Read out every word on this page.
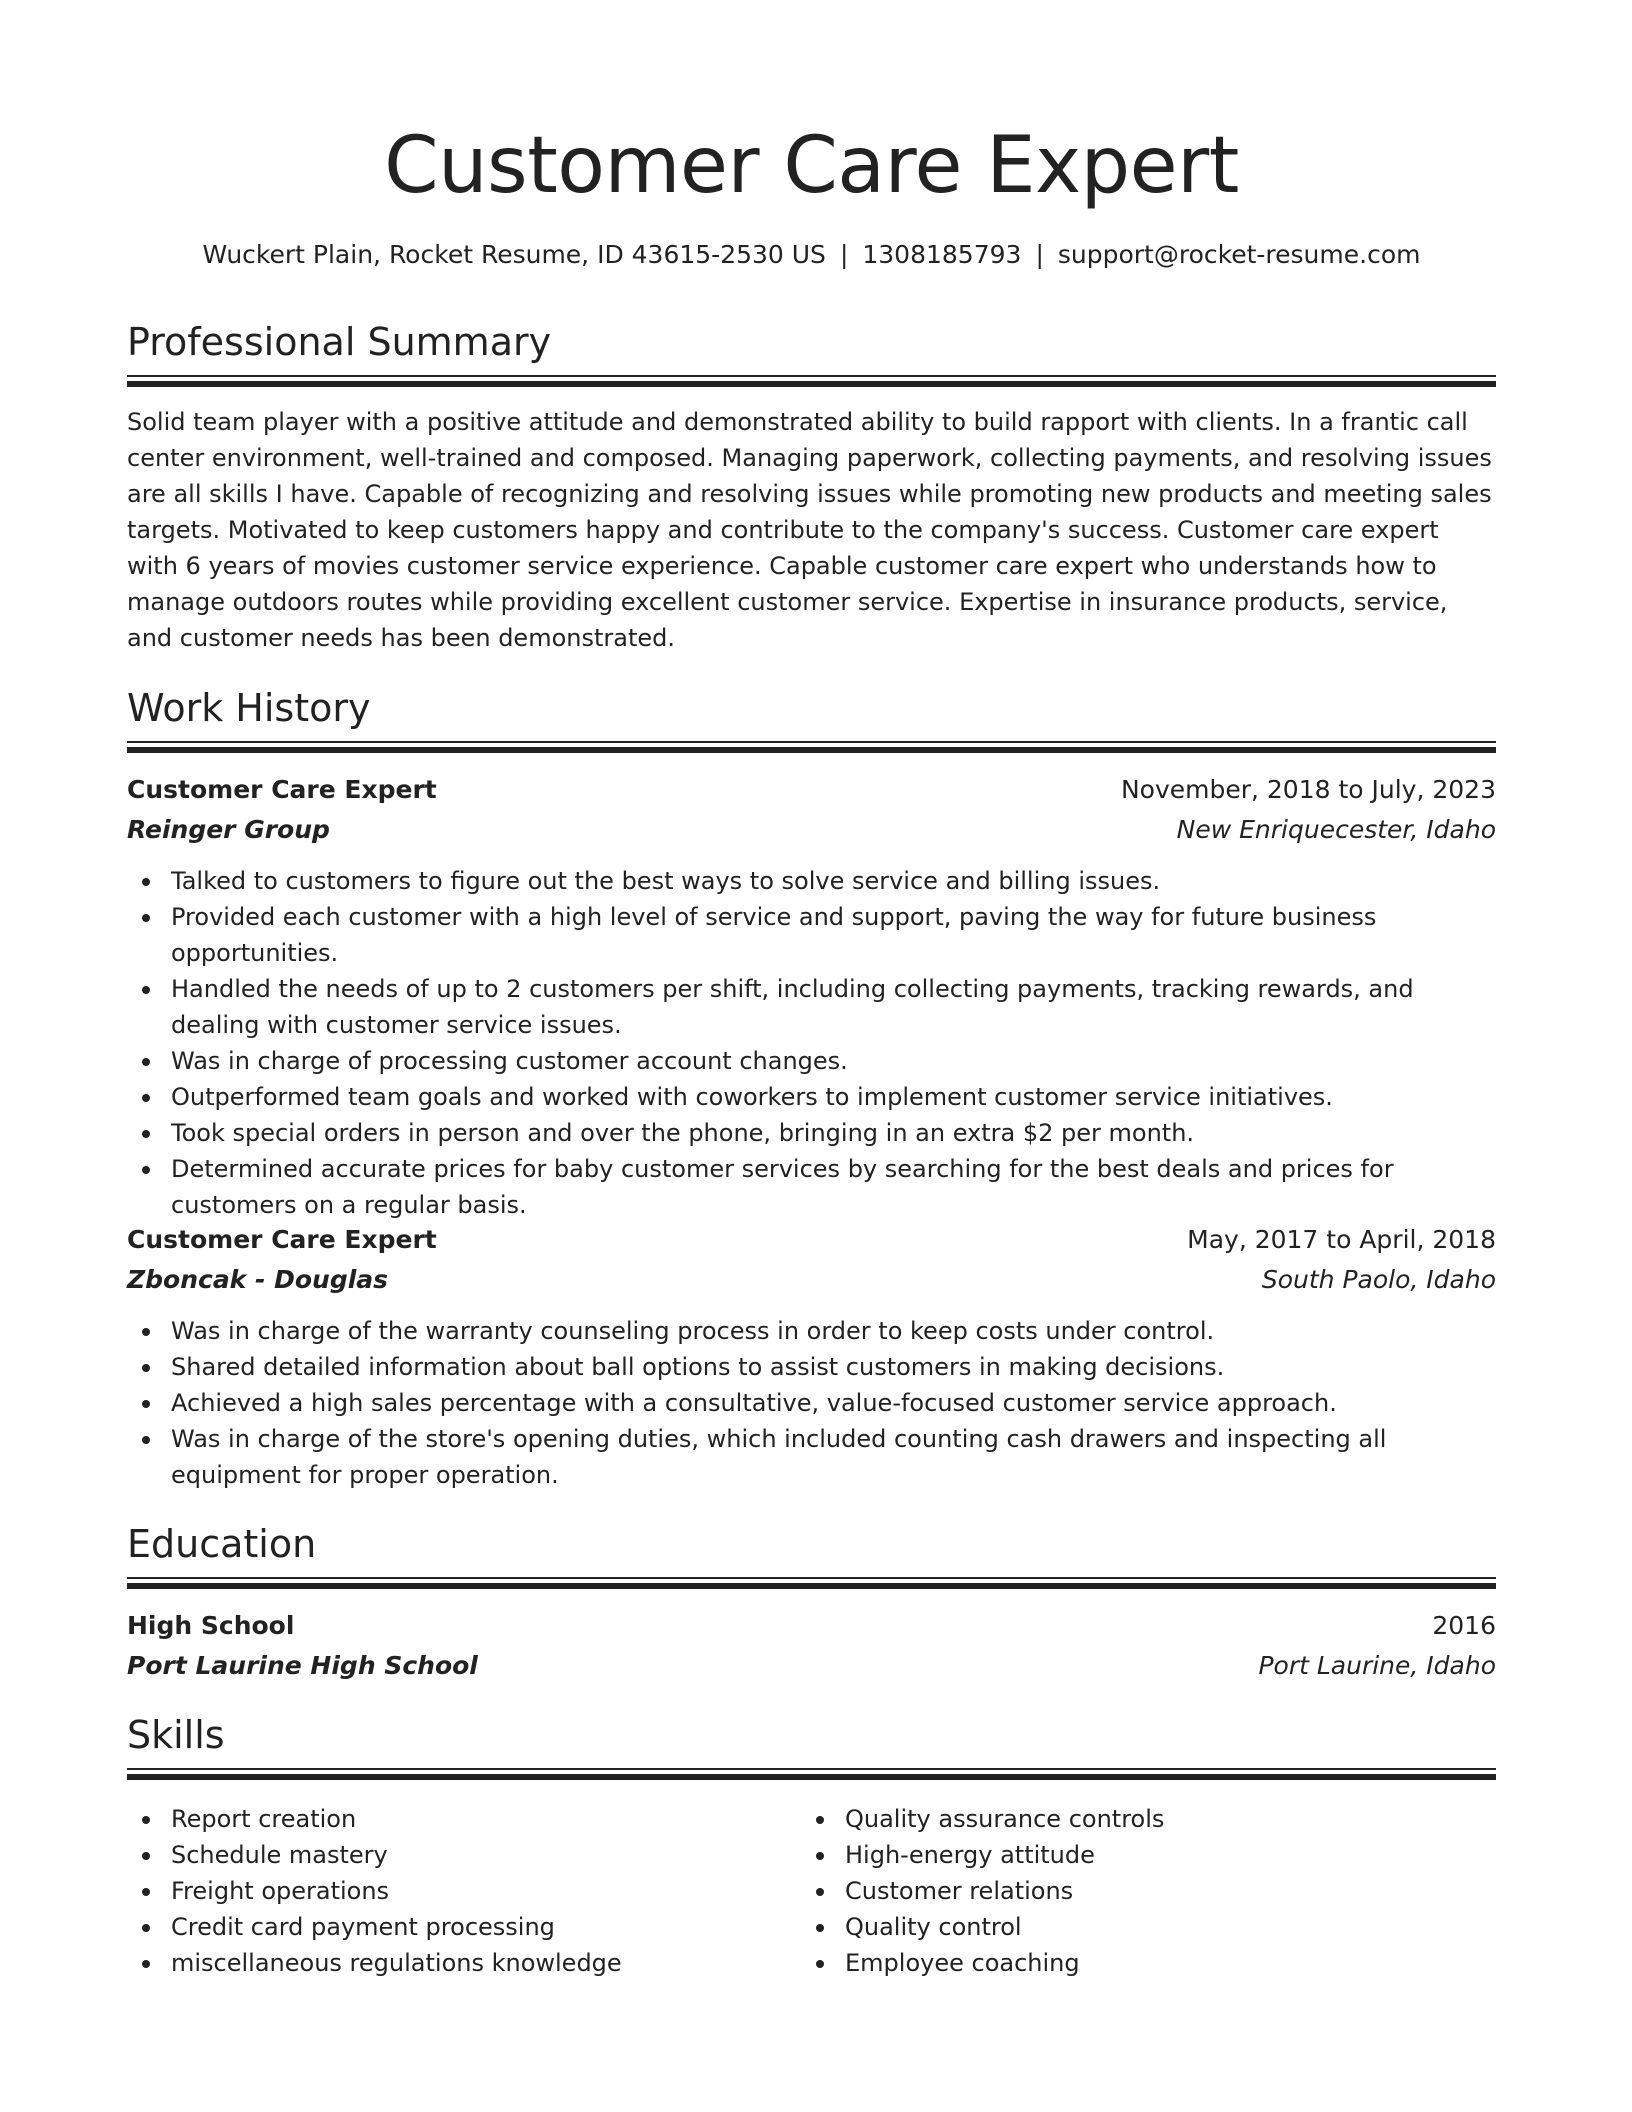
Customer Care Expert
Wuckert Plain, Rocket Resume, ID 43615-2530 US | 1308185793 | support@rocket-resume.com
Professional Summary

Solid team player with a positive attitude and demonstrated ability to build rapport with clients. In a frantic call center environment, well-trained and composed. Managing paperwork, collecting payments, and resolving issues are all skills I have. Capable of recognizing and resolving issues while promoting new products and meeting sales targets. Motivated to keep customers happy and contribute to the company's success. Customer care expert with 6 years of movies customer service experience. Capable customer care expert who understands how to manage outdoors routes while providing excellent customer service. Expertise in insurance products, service, and customer needs has been demonstrated.

Work History
Customer Care Expert	November, 2018 to July, 2023
Reinger Group	New Enriquecester, Idaho
Talked to customers to figure out the best ways to solve service and billing issues.
Provided each customer with a high level of service and support, paving the way for future business opportunities.
Handled the needs of up to 2 customers per shift, including collecting payments, tracking rewards, and dealing with customer service issues.
Was in charge of processing customer account changes.
Outperformed team goals and worked with coworkers to implement customer service initiatives.
Took special orders in person and over the phone, bringing in an extra $2 per month.
Determined accurate prices for baby customer services by searching for the best deals and prices for customers on a regular basis.
Customer Care Expert	May, 2017 to April, 2018
Zboncak - Douglas	South Paolo, Idaho
Was in charge of the warranty counseling process in order to keep costs under control.
Shared detailed information about ball options to assist customers in making decisions.
Achieved a high sales percentage with a consultative, value-focused customer service approach.
Was in charge of the store's opening duties, which included counting cash drawers and inspecting all equipment for proper operation.
Education
High School	2016
Port Laurine High School	Port Laurine, Idaho
Skills
Report creation
Schedule mastery
Freight operations
Credit card payment processing
miscellaneous regulations knowledge
Quality assurance controls
High-energy attitude
Customer relations
Quality control
Employee coaching
